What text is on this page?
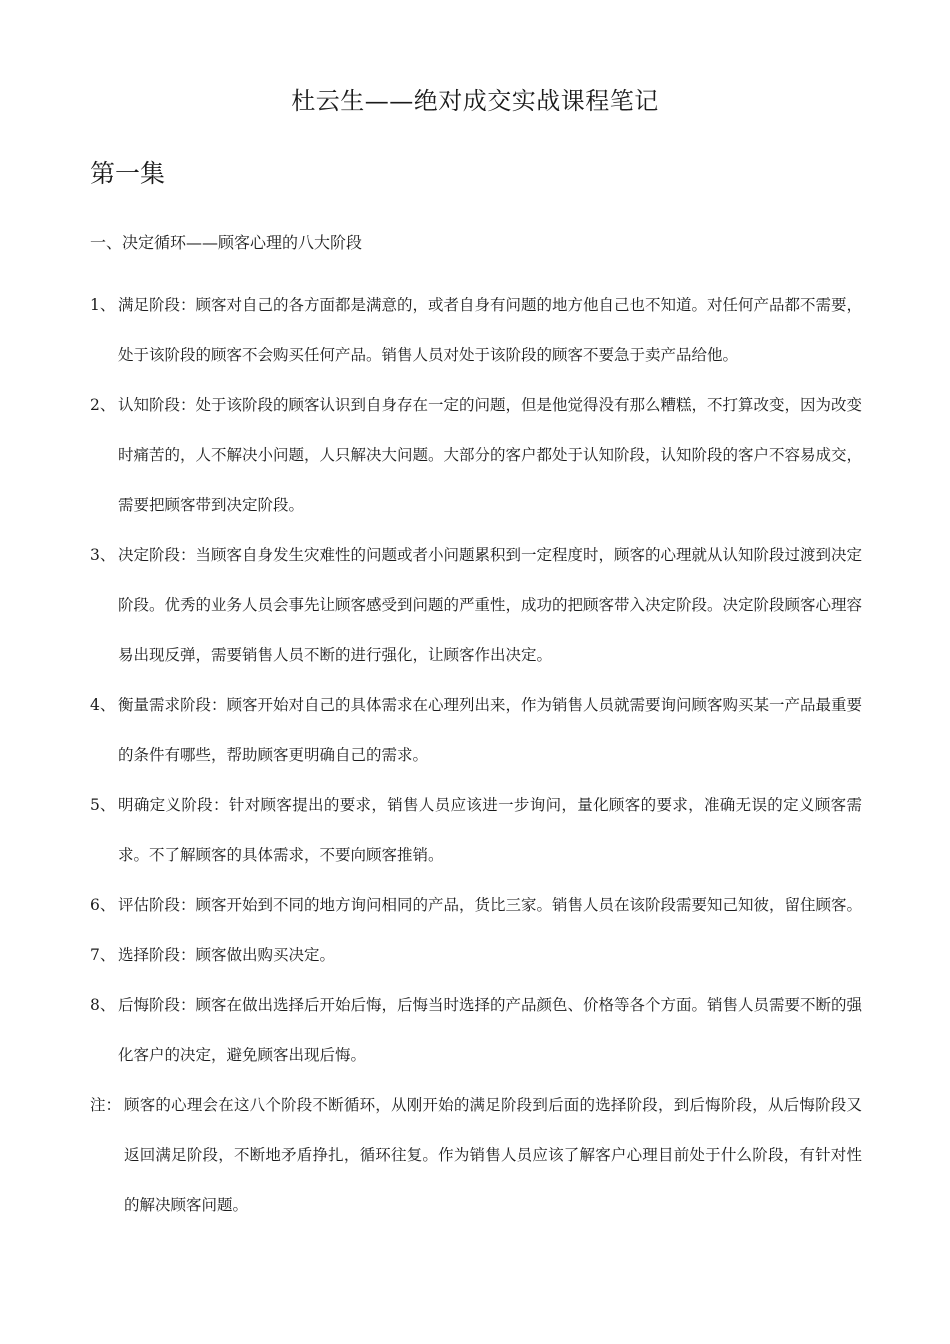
杜云生——绝对成交实战课程笔记
第一集
一、决定循环——顾客心理的八大阶段
1、 满足阶段：顾客对自己的各方面都是满意的，或者自身有问题的地方他自己也不知道。对任何产品都不需要，处于该阶段的顾客不会购买任何产品。销售人员对处于该阶段的顾客不要急于卖产品给他。
2、 认知阶段：处于该阶段的顾客认识到自身存在一定的问题，但是他觉得没有那么糟糕，不打算改变，因为改变时痛苦的，人不解决小问题，人只解决大问题。大部分的客户都处于认知阶段，认知阶段的客户不容易成交，需要把顾客带到决定阶段。
3、 决定阶段：当顾客自身发生灾难性的问题或者小问题累积到一定程度时，顾客的心理就从认知阶段过渡到决定阶段。优秀的业务人员会事先让顾客感受到问题的严重性，成功的把顾客带入决定阶段。决定阶段顾客心理容易出现反弹，需要销售人员不断的进行强化，让顾客作出决定。
4、 衡量需求阶段：顾客开始对自己的具体需求在心理列出来，作为销售人员就需要询问顾客购买某一产品最重要的条件有哪些，帮助顾客更明确自己的需求。
5、 明确定义阶段：针对顾客提出的要求，销售人员应该进一步询问，量化顾客的要求，准确无误的定义顾客需求。不了解顾客的具体需求，不要向顾客推销。
6、 评估阶段：顾客开始到不同的地方询问相同的产品，货比三家。销售人员在该阶段需要知己知彼，留住顾客。
7、 选择阶段：顾客做出购买决定。
8、 后悔阶段：顾客在做出选择后开始后悔，后悔当时选择的产品颜色、价格等各个方面。销售人员需要不断的强化客户的决定，避免顾客出现后悔。
注： 顾客的心理会在这八个阶段不断循环，从刚开始的满足阶段到后面的选择阶段，到后悔阶段，从后悔阶段又返回满足阶段，不断地矛盾挣扎，循环往复。作为销售人员应该了解客户心理目前处于什么阶段，有针对性的解决顾客问题。
